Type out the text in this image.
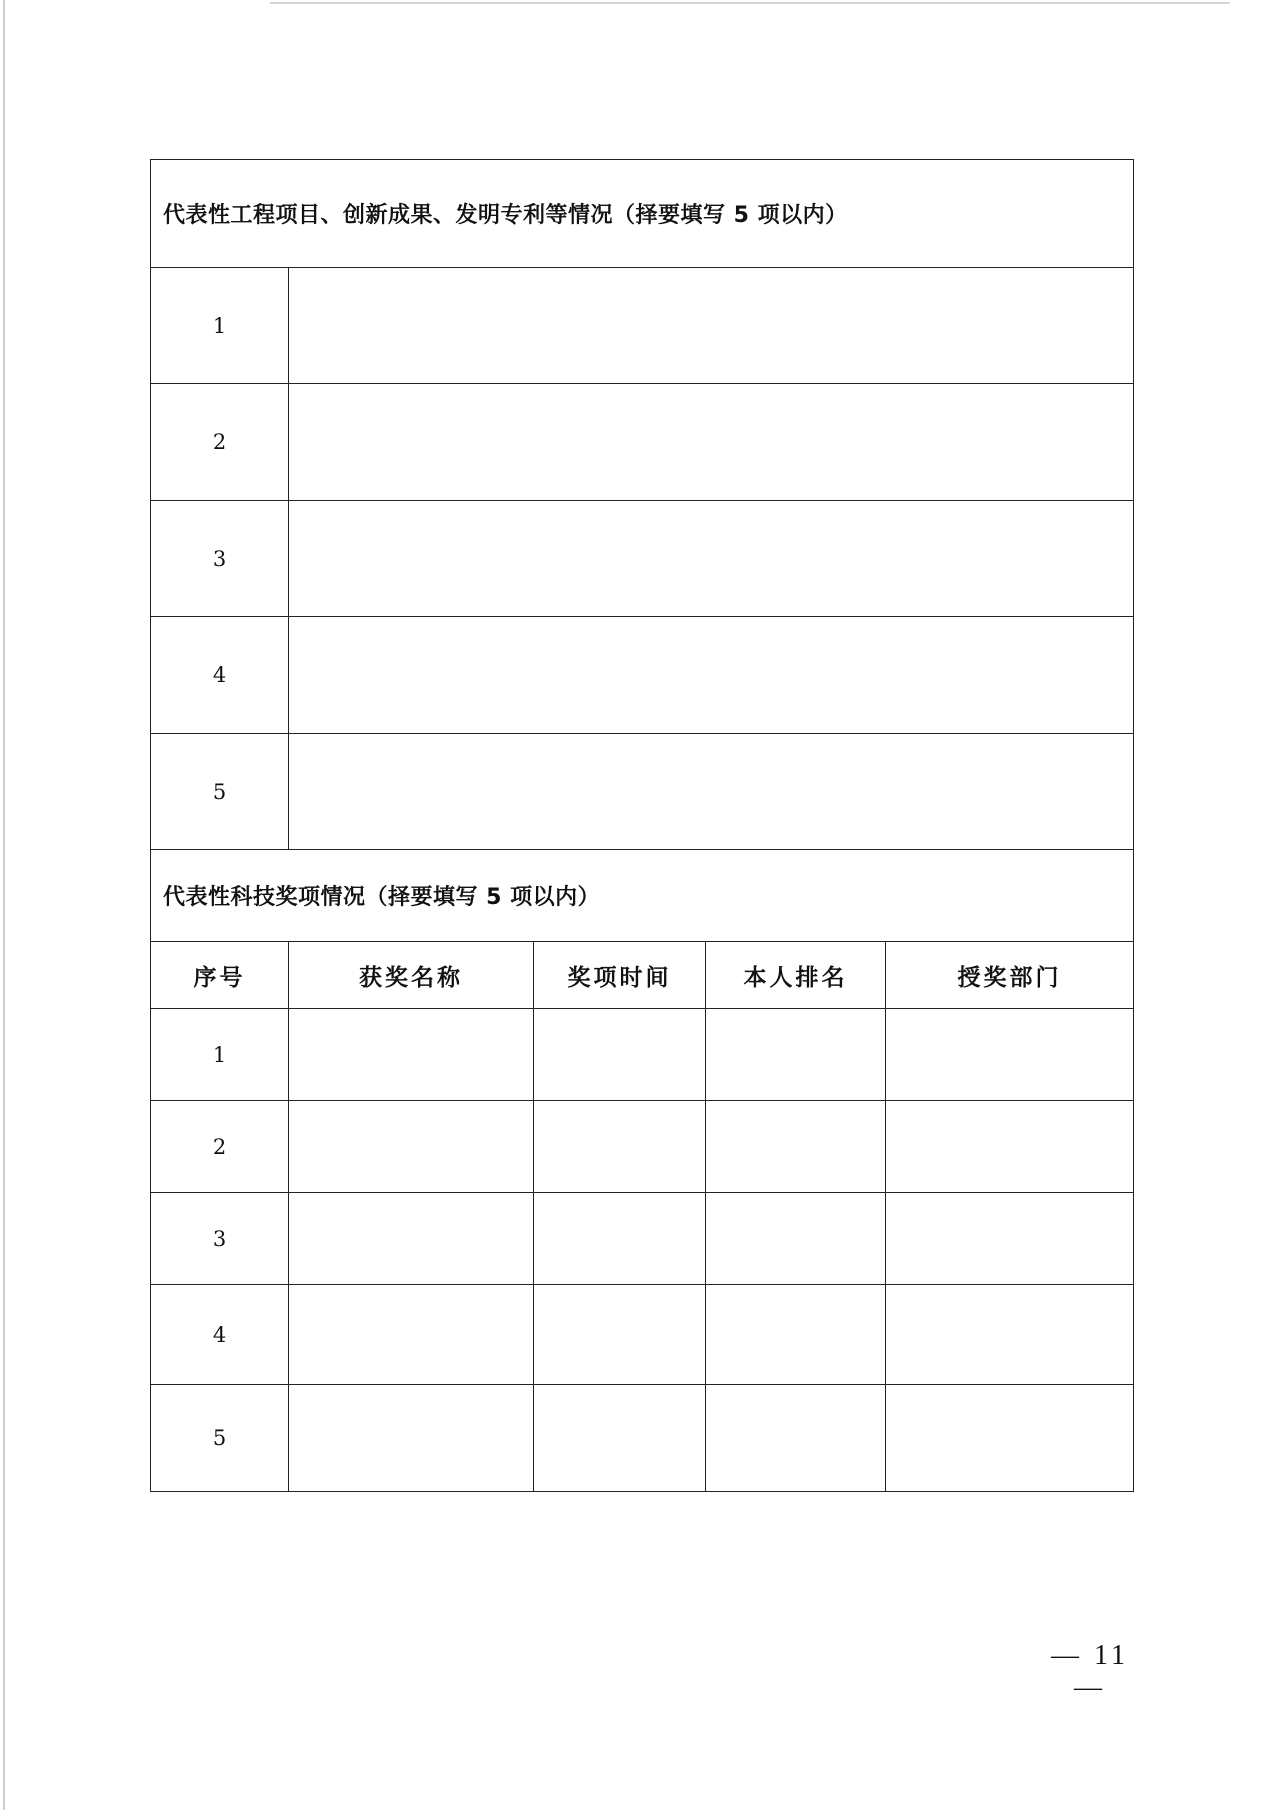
代表性工程项目、创新成果、发明专利等情况（择要填写 5 项以内）				
1				
2				
3				
4				
5				
代表性科技奖项情况（择要填写 5 项以内）				
序号	获奖名称	奖项时间	本人排名	授奖部门
1				
2				
3				
4				
5				
— 11 —
